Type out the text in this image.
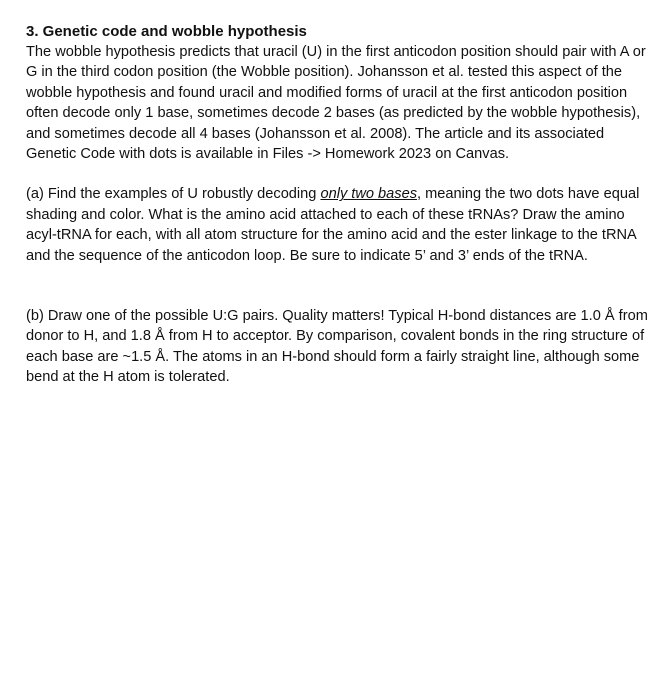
3. Genetic code and wobble hypothesis

The wobble hypothesis predicts that uracil (U) in the first anticodon position should pair with A or G in the third codon position (the Wobble position). Johansson et al. tested this aspect of the wobble hypothesis and found uracil and modified forms of uracil at the first anticodon position often decode only 1 base, sometimes decode 2 bases (as predicted by the wobble hypothesis), and sometimes decode all 4 bases (Johansson et al. 2008). The article and its associated Genetic Code with dots is available in Files -> Homework 2023 on Canvas.

(a) Find the examples of U robustly decoding only two bases, meaning the two dots have equal shading and color. What is the amino acid attached to each of these tRNAs? Draw the amino acyl-tRNA for each, with all atom structure for the amino acid and the ester linkage to the tRNA and the sequence of the anticodon loop. Be sure to indicate 5’ and 3’ ends of the tRNA.

(b) Draw one of the possible U:G pairs. Quality matters! Typical H-bond distances are 1.0 Å from donor to H, and 1.8 Å from H to acceptor. By comparison, covalent bonds in the ring structure of each base are ~1.5 Å. The atoms in an H-bond should form a fairly straight line, although some bend at the H atom is tolerated.
